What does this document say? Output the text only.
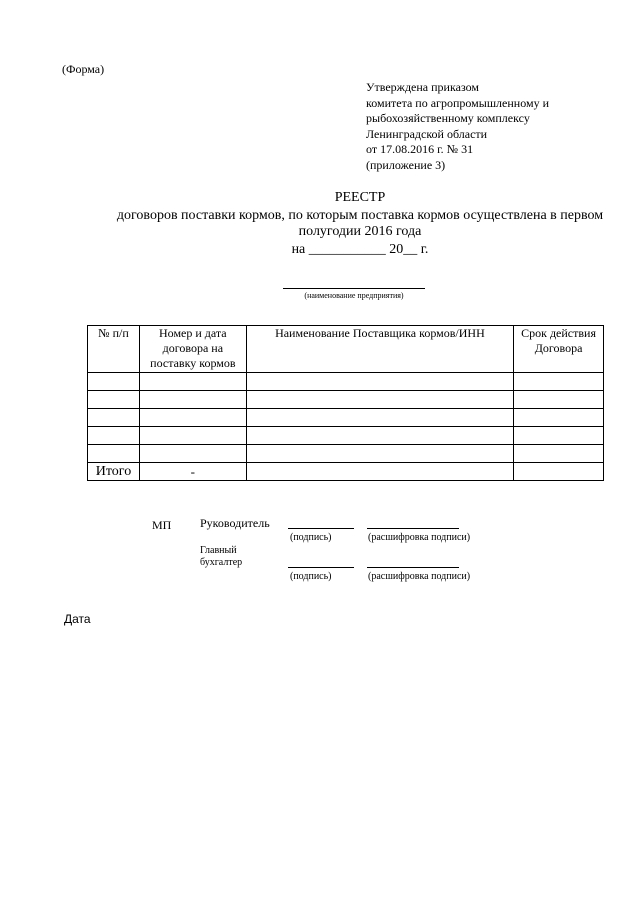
(Форма)
Утверждена приказом
комитета по агропромышленному и
рыбохозяйственному комплексу
Ленинградской области
от 17.08.2016 г. № 31
(приложение 3)
РЕЕСТР
договоров поставки кормов, по которым поставка кормов осуществлена в первом полугодии 2016 года
на ___________ 20__ г.
(наименование предприятия)
№ п/п	Номер и дата договора на поставку кормов	Наименование Поставщика кормов/ИНН	Срок действия Договора

Итого	-		
МП Руководитель
(подпись)	(расшифровка подписи)
Главный
бухгалтер
(подпись)	(расшифровка подписи)
Дата
